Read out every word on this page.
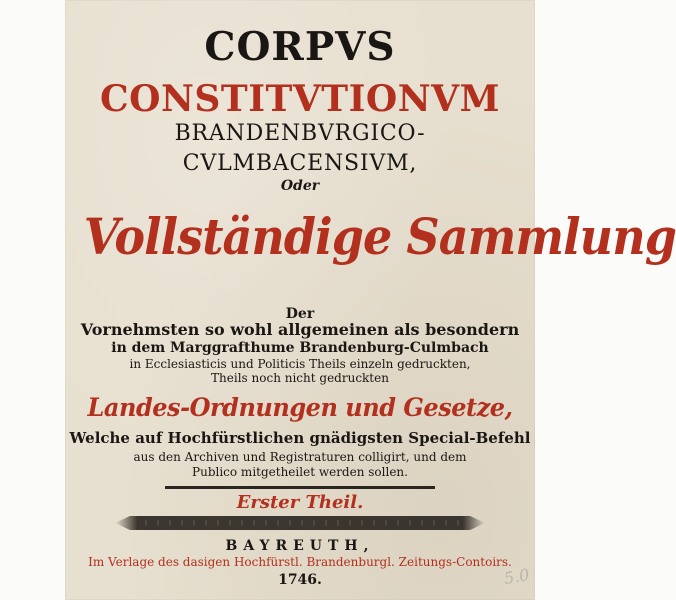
CORPVS
CONSTITVTIONVM
BRANDENBVRGICO-
CVLMBACENSIVM,
Oder
Vollständige Sammlung
Der
Vornehmsten so wohl allgemeinen als besondern
in dem Marggrafthume Brandenburg-Culmbach
in Ecclesiasticis und Politicis Theils einzeln gedruckten,
Theils noch nicht gedruckten
Landes-Ordnungen und Gesetze,
Welche auf Hochfürstlichen gnädigsten Special-Befehl
aus den Archiven und Registraturen colligirt, und dem
Publico mitgetheilet werden sollen.
Erster Theil.
BAYREUTH,
Im Verlage des dasigen Hochfürstl. Brandenburgl. Zeitungs-Contoirs.
1746.	5.0
